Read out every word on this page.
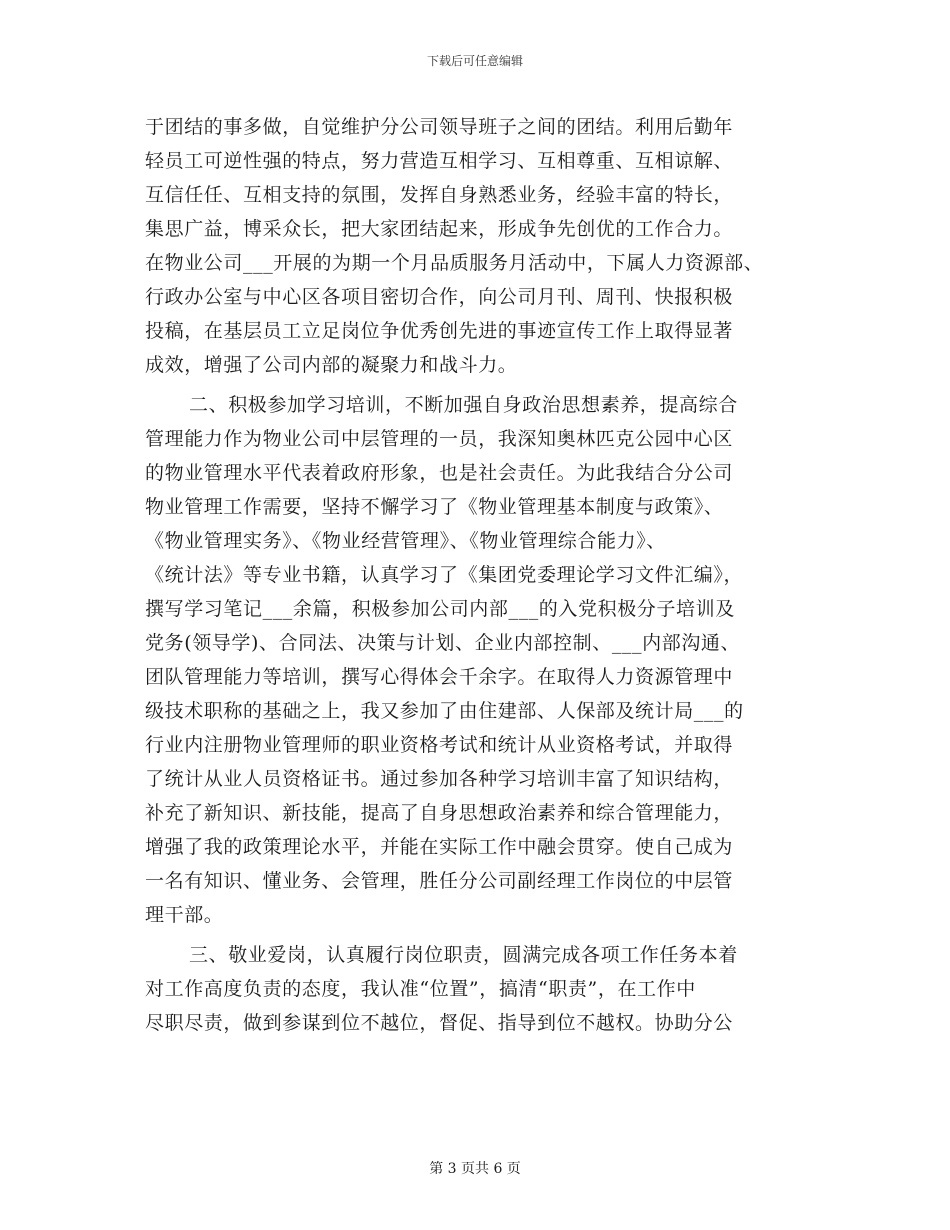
下载后可任意编辑
于团结的事多做，自觉维护分公司领导班子之间的团结。利用后勤年
轻员工可逆性强的特点，努力营造互相学习、互相尊重、互相谅解、
互信任任、互相支持的氛围，发挥自身熟悉业务，经验丰富的特长，
集思广益，博采众长，把大家团结起来，形成争先创优的工作合力。
在物业公司___开展的为期一个月品质服务月活动中，下属人力资源部、
行政办公室与中心区各项目密切合作，向公司月刊、周刊、快报积极
投稿，在基层员工立足岗位争优秀创先进的事迹宣传工作上取得显著
成效，增强了公司内部的凝聚力和战斗力。
二、积极参加学习培训，不断加强自身政治思想素养，提高综合
管理能力作为物业公司中层管理的一员，我深知奥林匹克公园中心区
的物业管理水平代表着政府形象，也是社会责任。为此我结合分公司
物业管理工作需要，坚持不懈学习了《物业管理基本制度与政策》、
《物业管理实务》、《物业经营管理》、《物业管理综合能力》、
《统计法》等专业书籍，认真学习了《集团党委理论学习文件汇编》，
撰写学习笔记___余篇，积极参加公司内部___的入党积极分子培训及
党务(领导学)、合同法、决策与计划、企业内部控制、___内部沟通、
团队管理能力等培训，撰写心得体会千余字。在取得人力资源管理中
级技术职称的基础之上，我又参加了由住建部、人保部及统计局___的
行业内注册物业管理师的职业资格考试和统计从业资格考试，并取得
了统计从业人员资格证书。通过参加各种学习培训丰富了知识结构，
补充了新知识、新技能，提高了自身思想政治素养和综合管理能力，
增强了我的政策理论水平，并能在实际工作中融会贯穿。使自己成为
一名有知识、懂业务、会管理，胜任分公司副经理工作岗位的中层管
理干部。
三、敬业爱岗，认真履行岗位职责，圆满完成各项工作任务本着
对工作高度负责的态度，我认准“位置”，搞清“职责”，在工作中
尽职尽责，做到参谋到位不越位，督促、指导到位不越权。协助分公
第 3 页共 6 页
